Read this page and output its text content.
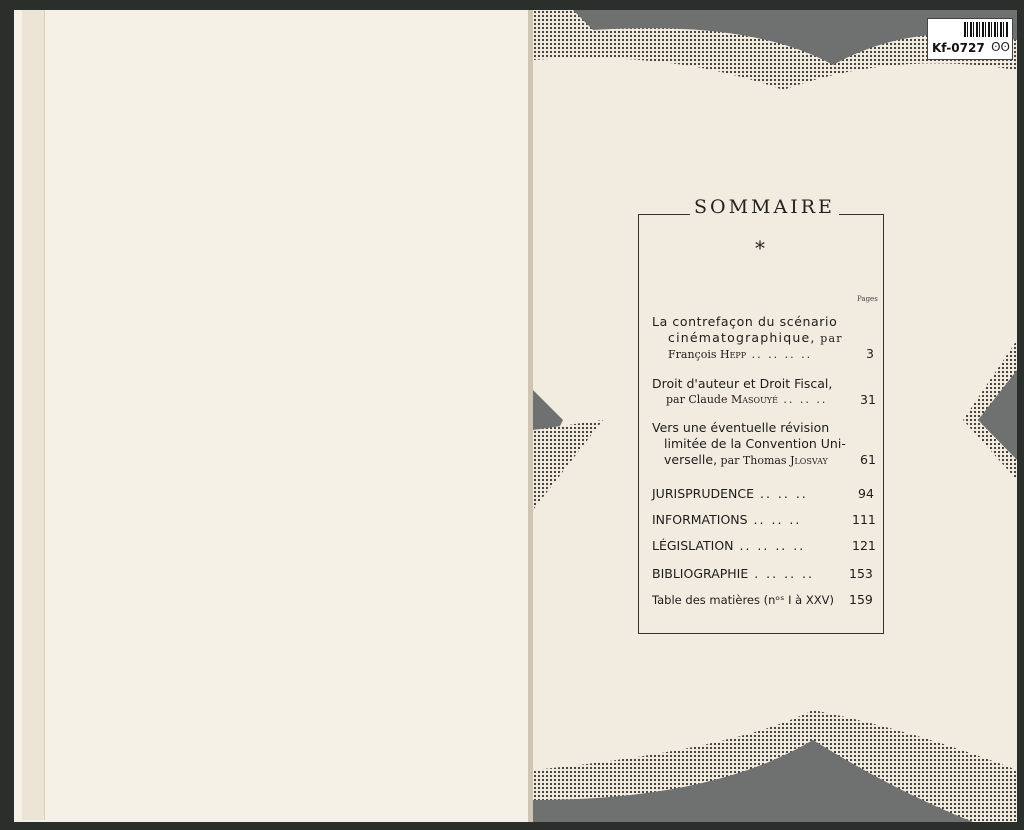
Kf-0727 ʘʘ
SOMMAIRE
*
Pages
La contrefaçon du scénario
cinématographique, par
François Hepp .. .. .. ..	3
Droit d'auteur et Droit Fiscal,
par Claude Masouyé .. .. ..	31
Vers une éventuelle révision
limitée de la Convention Uni-
verselle, par Thomas Jlosvay	61
JURISPRUDENCE .. .. ..	94
INFORMATIONS .. .. ..	111
LÉGISLATION .. .. .. ..	121
BIBLIOGRAPHIE . .. .. ..	153
Table des matières (nᵒˢ I à XXV)	159
